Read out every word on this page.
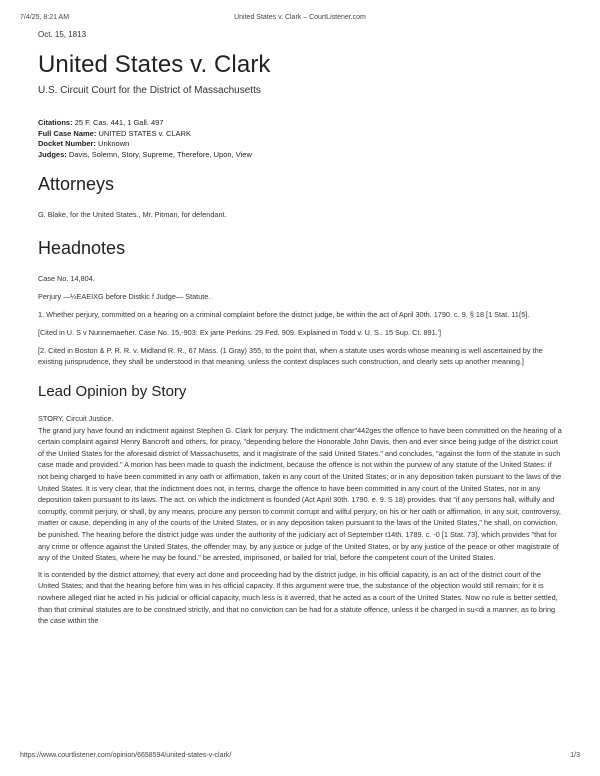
7/4/25, 8:21 AM	United States v. Clark – CourtListener.com
Oct. 15, 1813
United States v. Clark
U.S. Circuit Court for the District of Massachusetts
Citations: 25 F. Cas. 441, 1 Gall. 497
Full Case Name: UNITED STATES v. CLARK
Docket Number: Unknown
Judges: Davis, Solemn, Story, Supreme, Therefore, Upon, View
Attorneys
G. Blake, for the United States., Mr. Pitman, for defendant.
Headnotes
Case No. 14,804.
Perjury —¼EAEIXG before Distkic f Judge— Statute.
1. Whether perjury, committed on a hearing on a criminal complaint before the district judge, be within the act of April 30th. 1790. c. 9. § 18 [1 Stat. 11{5].
[Cited in U. S v Nunnemaeher. Case No. 15,-903: Ex jarte Perkins. 29 Fed. 909. Explained in Todd v. U. S.. 15 Sup. Ct. 891.']
[2. Cited in Boston & P. R. R. v. Midland R. R., 67 Mass. (1 Gray) 355, to the point that, when a statute uses words whose meaning is well ascertained by the existing jurisprudence, they shall be understood in that meaning, unless the context displaces such construction, and clearly sets up another meaning.]
Lead Opinion by Story
STORY, Circuit Justice.
The grand jury have found an indictment against Stephen G. Clark for perjury. The indictment char"442ges the offence to have been committed on the hearing of a certain complaint against Henry Bancroft and others, for piracy, "depending before the Honorable John Davis, then and ever since being judge of the district court of the United States for the aforesaid district of Massachusetts, and it magistrate of the said United States." and concludes, "against the form of the statute in such case made and provided." A morion has been made to quash the indictment, because the offence is not within the purview of any statute of the United States: if not being charged to have been committed in any oath or affirmation, taken in any court of the United States; or in any deposition taken pursuant to the laws of the United States. It is very clear, that the indictment does not, in terms, charge the offence to have been committed in any court of the United States, nor in any deposition taken pursuant to its laws. The act. on which the indictment is founded (Act April 30th. 1790. e. 9. S 18) provides. that "if any persons hall, wilfully and corruptly, commit perjury, or shall, by any means, procure any person to commit corrupt and wilful perjury, on his or her oath or affirmation, in any suit, controversy, matter or cause, depending in any of the courts of the United States, or in any deposition taken pursuant to the laws of the United States," he shall, on conviction, be punished. The hearing before the district judge was under the authority of the judiciary act of September t14th. 1789. c. -0 [1 Stat. 73], which provides "that for any crime or offence against the United States, the offender may, by any justice or judge of the United States, or by any justice of the peace or other magistrate of any of the United States, where he may be found." be arrested, imprisoned, or bailed for trial, before the competent court of the United States.
It is contended by the district attorney, that every act done and proceeding had by the district judge, in his official capacity, is an act of the district court of the United States; and that the hearing before him was in his official capacity. If this argument were true, the substance of the objection would still remain; for it is nowhere alleged rliat he acted in his judicial or official capacity, much less is it averred, that he acted as a court of the United States. Now no rule is better settled, than that criminal statutes are to be construed strictly, and that no conviction can be had for a statute offence, unless it be charged in su<di a manner, as to bring the case within the
https://www.courtlistener.com/opinion/6658594/united-states-v-clark/	1/3
